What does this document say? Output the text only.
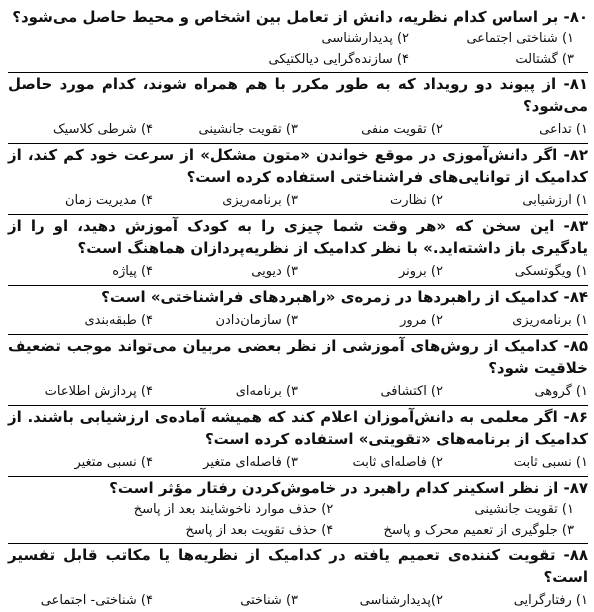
۸۰- بر اساس کدام نظریه، دانش از تعامل بین اشخاص و محیط حاصل می‌شود؟

۱) شناختی اجتماعی
۲) پدیدارشناسی
۳) گشتالت
۴) سازنده‌گرایی دیالکتیکی

۸۱- از پیوند دو رویداد که به طور مکرر با هم همراه شوند، کدام مورد حاصل می‌شود؟

۱) تداعی
۲) تقویت منفی
۳) تقویت جانشینی
۴) شرطی کلاسیک

۸۲- اگر دانش‌آموزی در موقع خواندن «متون مشکل» از سرعت خود کم کند، از کدامیک از توانایی‌های فراشناختی استفاده کرده است؟

۱) ارزشیابی
۲) نظارت
۳) برنامه‌ریزی
۴) مدیریت زمان

۸۳- این سخن که «هر وقت شما چیزی را به کودک آموزش دهید، او را از یادگیری باز داشته‌اید.» با نظر کدامیک از نظریه‌پردازان هماهنگ است؟

۱) ویگوتسکی
۲) برونر
۳) دیویی
۴) پیاژه

۸۴- کدامیک از راهبردها در زمره‌ی «راهبردهای فراشناختی» است؟

۱) برنامه‌ریزی
۲) مرور
۳) سازمان‌دادن
۴) طبقه‌بندی

۸۵- کدامیک از روش‌های آموزشی از نظر بعضی مربیان می‌تواند موجب تضعیف خلاقیت شود؟

۱) گروهی
۲) اکتشافی
۳) برنامه‌ای
۴) پردازش اطلاعات

۸۶- اگر معلمی به دانش‌آموزان اعلام کند که همیشه آماده‌ی ارزشیابی باشند. از کدامیک از برنامه‌های «تقویتی» استفاده کرده است؟

۱) نسبی ثابت
۲) فاصله‌ای ثابت
۳) فاصله‌ای متغیر
۴) نسبی متغیر

۸۷- از نظر اسکینر کدام راهبرد در خاموش‌کردن رفتار مؤثر است؟

۱) تقویت جانشینی
۲) حذف موارد ناخوشایند بعد از پاسخ
۳) جلوگیری از تعمیم محرک و پاسخ
۴) حذف تقویت بعد از پاسخ

۸۸- تقویت کننده‌ی تعمیم یافته در کدامیک از نظریه‌ها یا مکاتب قابل تفسیر است؟

۱) رفتارگرایی
۲)پدیدارشناسی
۳) شناختی
۴) شناختی- اجتماعی
